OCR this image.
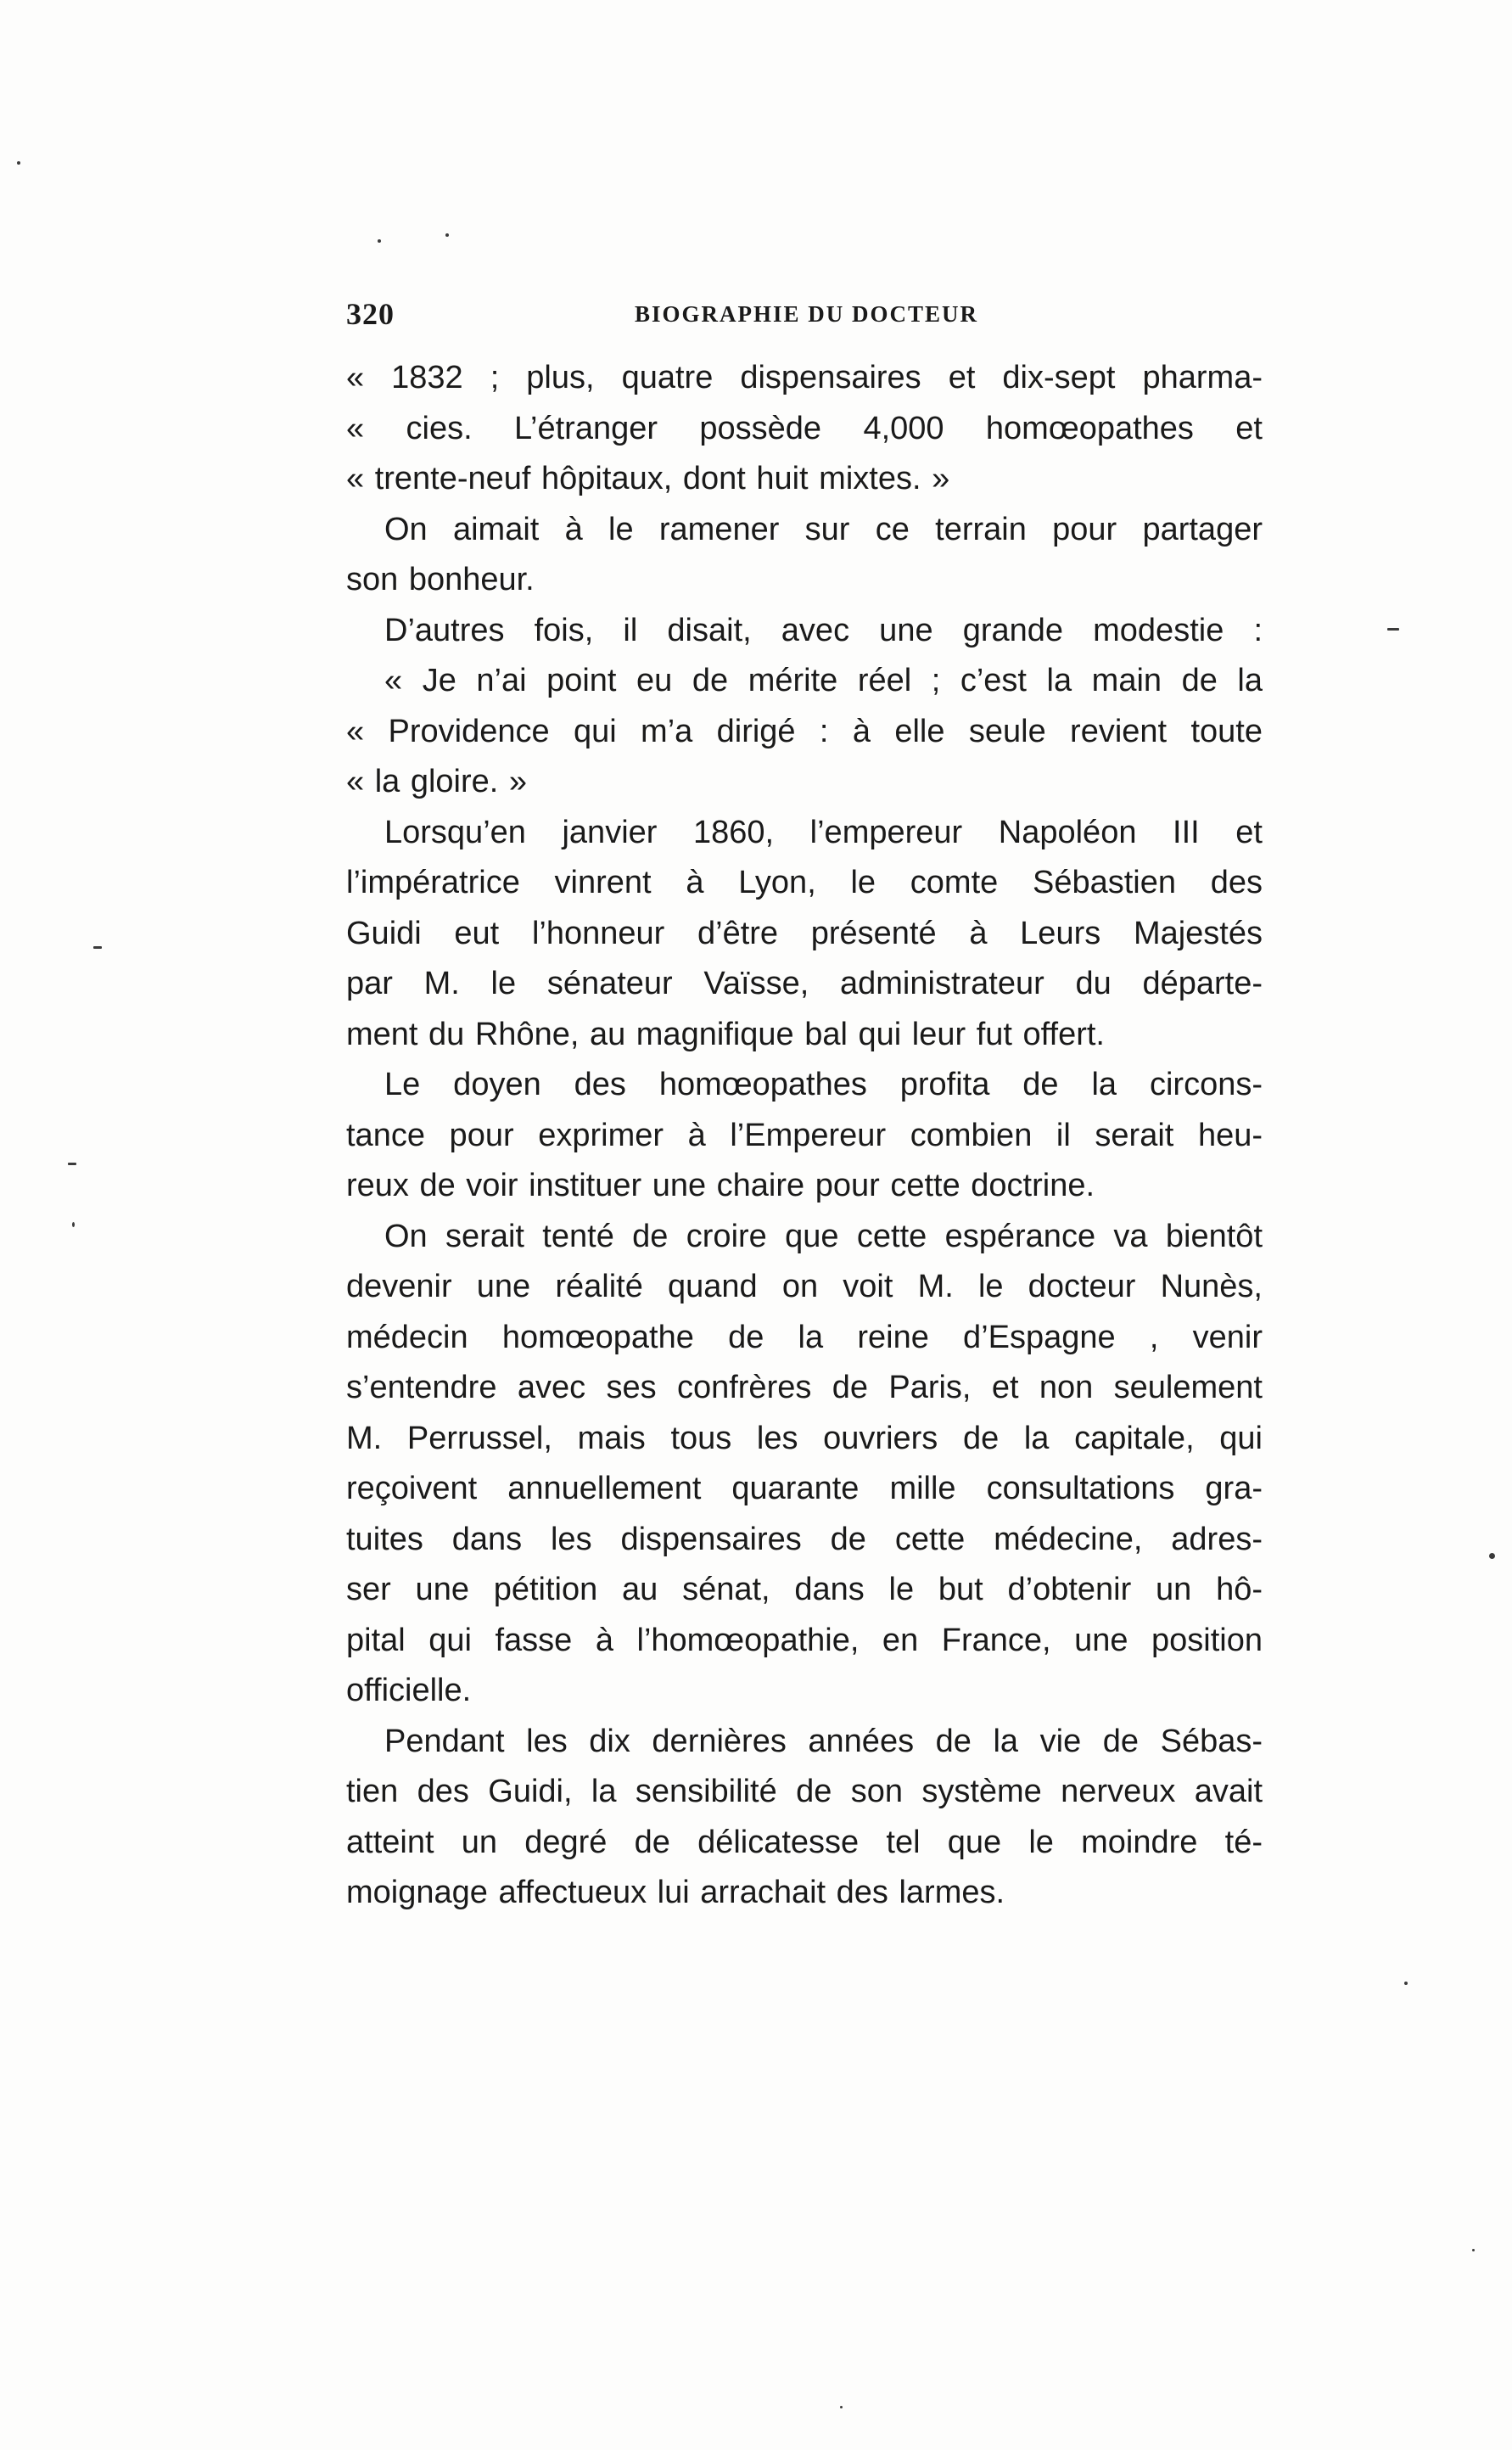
320	BIOGRAPHIE DU DOCTEUR
« 1832 ; plus, quatre dispensaires et dix-sept pharma-
« cies. L’étranger possède 4,000 homœopathes et
« trente-neuf hôpitaux, dont huit mixtes. »
On aimait à le ramener sur ce terrain pour partager
son bonheur.
D’autres fois, il disait, avec une grande modestie :
« Je n’ai point eu de mérite réel ; c’est la main de la
« Providence qui m’a dirigé : à elle seule revient toute
« la gloire. »
Lorsqu’en janvier 1860, l’empereur Napoléon III et
l’impératrice vinrent à Lyon, le comte Sébastien des
Guidi eut l’honneur d’être présenté à Leurs Majestés
par M. le sénateur Vaïsse, administrateur du départe-
ment du Rhône, au magnifique bal qui leur fut offert.
Le doyen des homœopathes profita de la circons-
tance pour exprimer à l’Empereur combien il serait heu-
reux de voir instituer une chaire pour cette doctrine.
On serait tenté de croire que cette espérance va bientôt
devenir une réalité quand on voit M. le docteur Nunès,
médecin homœopathe de la reine d’Espagne , venir
s’entendre avec ses confrères de Paris, et non seulement
M. Perrussel, mais tous les ouvriers de la capitale, qui
reçoivent annuellement quarante mille consultations gra-
tuites dans les dispensaires de cette médecine, adres-
ser une pétition au sénat, dans le but d’obtenir un hô-
pital qui fasse à l’homœopathie, en France, une position
officielle.
Pendant les dix dernières années de la vie de Sébas-
tien des Guidi, la sensibilité de son système nerveux avait
atteint un degré de délicatesse tel que le moindre té-
moignage affectueux lui arrachait des larmes.
